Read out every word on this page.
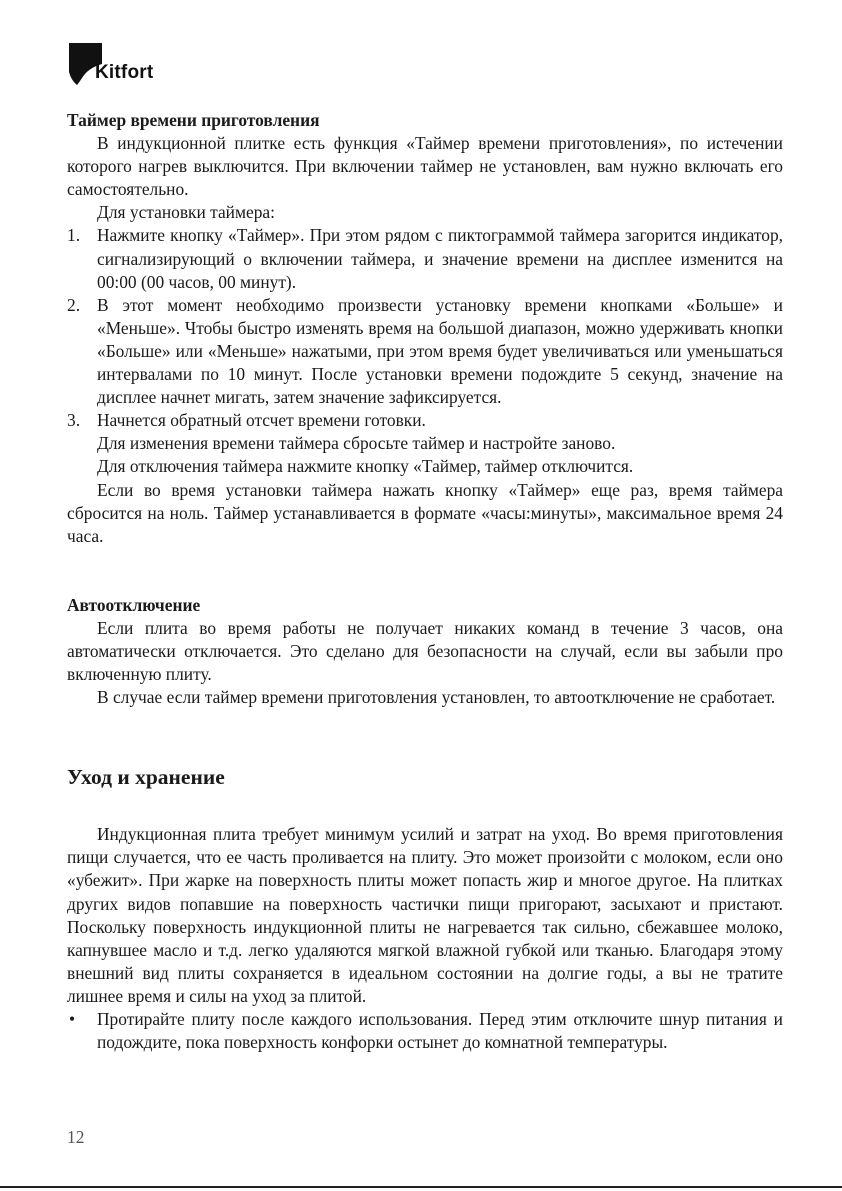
Kitfort

Таймер времени приготовления

В индукционной плитке есть функция «Таймер времени приготовления», по истечении которого нагрев выключится. При включении таймер не установлен, вам нужно включать его самостоятельно.

Для установки таймера:

1. Нажмите кнопку «Таймер». При этом рядом с пиктограммой таймера загорится индикатор, сигнализирующий о включении таймера, и значение времени на дисплее изменится на 00:00 (00 часов, 00 минут).
2. В этот момент необходимо произвести установку времени кнопками «Больше» и «Меньше». Чтобы быстро изменять время на большой диапазон, можно удерживать кнопки «Больше» или «Меньше» нажатыми, при этом время будет увеличиваться или уменьшаться интервалами по 10 минут. После установки времени подождите 5 секунд, значение на дисплее начнет мигать, затем значение зафиксируется.
3. Начнется обратный отсчет времени готовки.

Для изменения времени таймера сбросьте таймер и настройте заново.

Для отключения таймера нажмите кнопку «Таймер, таймер отключится.

Если во время установки таймера нажать кнопку «Таймер» еще раз, время таймера сбросится на ноль. Таймер устанавливается в формате «часы:минуты», максимальное время 24 часа.

Автоотключение

Если плита во время работы не получает никаких команд в течение 3 часов, она автоматически отключается. Это сделано для безопасности на случай, если вы забыли про включенную плиту.

В случае если таймер времени приготовления установлен, то автоотключение не сработает.

Уход и хранение

Индукционная плита требует минимум усилий и затрат на уход. Во время приготовления пищи случается, что ее часть проливается на плиту. Это может произойти с молоком, если оно «убежит». При жарке на поверхность плиты может попасть жир и многое другое. На плитках других видов попавшие на поверхность частички пищи пригорают, засыхают и пристают. Поскольку поверхность индукционной плиты не нагревается так сильно, сбежавшее молоко, капнувшее масло и т.д. легко удаляются мягкой влажной губкой или тканью. Благодаря этому внешний вид плиты сохраняется в идеальном состоянии на долгие годы, а вы не тратите лишнее время и силы на уход за плитой.

• Протирайте плиту после каждого использования. Перед этим отключите шнур питания и подождите, пока поверхность конфорки остынет до комнатной температуры.
12
